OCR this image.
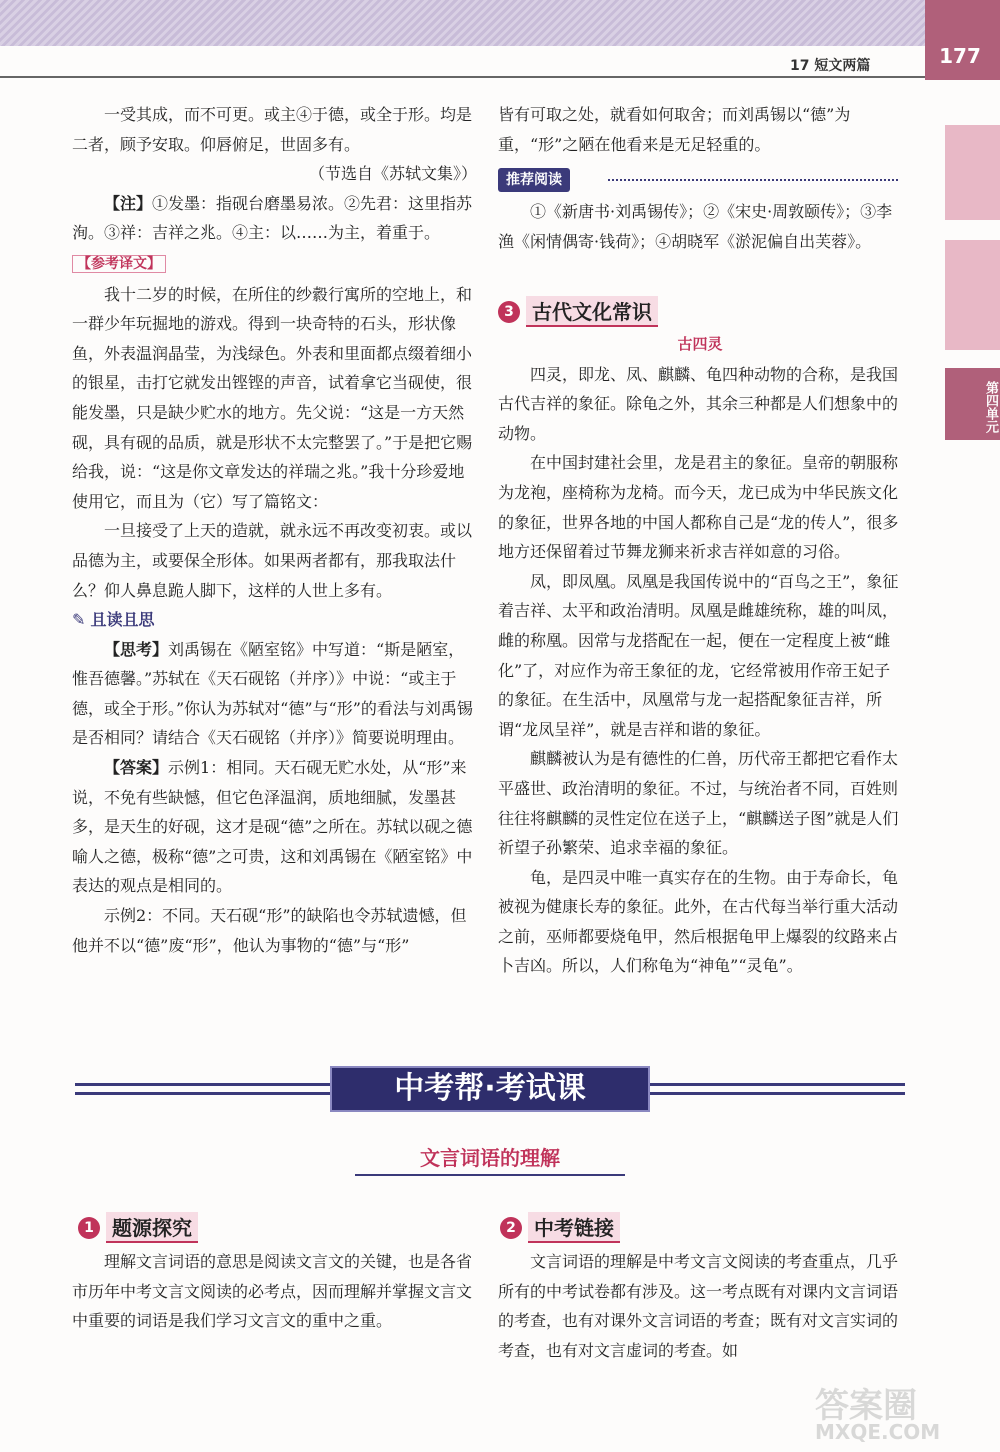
177
17 短文两篇
第四单元

一受其成，而不可更。或主④于德，或全于形。均是二者，顾予安取。仰唇俯足，世固多有。

（节选自《苏轼文集》）

【注】①发墨：指砚台磨墨易浓。②先君：这里指苏洵。③祥：吉祥之兆。④主：以……为主，着重于。

【参考译文】

我十二岁的时候，在所住的纱縠行寓所的空地上，和一群少年玩掘地的游戏。得到一块奇特的石头，形状像鱼，外表温润晶莹，为浅绿色。外表和里面都点缀着细小的银星，击打它就发出铿铿的声音，试着拿它当砚使，很能发墨，只是缺少贮水的地方。先父说：“这是一方天然砚，具有砚的品质，就是形状不太完整罢了。”于是把它赐给我，说：“这是你文章发达的祥瑞之兆。”我十分珍爱地使用它，而且为（它）写了篇铭文：

一旦接受了上天的造就，就永远不再改变初衷。或以品德为主，或要保全形体。如果两者都有，那我取法什么？仰人鼻息跪人脚下，这样的人世上多有。

✎ 且读且思

【思考】刘禹锡在《陋室铭》中写道：“斯是陋室，惟吾德馨。”苏轼在《天石砚铭（并序）》中说：“或主于德，或全于形。”你认为苏轼对“德”与“形”的看法与刘禹锡是否相同？请结合《天石砚铭（并序）》简要说明理由。

【答案】示例1：相同。天石砚无贮水处，从“形”来说，不免有些缺憾，但它色泽温润，质地细腻，发墨甚多，是天生的好砚，这才是砚“德”之所在。苏轼以砚之德喻人之德，极称“德”之可贵，这和刘禹锡在《陋室铭》中表达的观点是相同的。

示例2：不同。天石砚“形”的缺陷也令苏轼遗憾，但他并不以“德”废“形”，他认为事物的“德”与“形”

皆有可取之处，就看如何取舍；而刘禹锡以“德”为重，“形”之陋在他看来是无足轻重的。

推荐阅读

①《新唐书·刘禹锡传》；②《宋史·周敦颐传》；③李渔《闲情偶寄·钱荷》；④胡晓军《淤泥偏自出芙蓉》。

3 古代文化常识

古四灵

四灵，即龙、凤、麒麟、龟四种动物的合称，是我国古代吉祥的象征。除龟之外，其余三种都是人们想象中的动物。

在中国封建社会里，龙是君主的象征。皇帝的朝服称为龙袍，座椅称为龙椅。而今天，龙已成为中华民族文化的象征，世界各地的中国人都称自己是“龙的传人”，很多地方还保留着过节舞龙狮来祈求吉祥如意的习俗。

凤，即凤凰。凤凰是我国传说中的“百鸟之王”，象征着吉祥、太平和政治清明。凤凰是雌雄统称，雄的叫凤，雌的称凰。因常与龙搭配在一起，便在一定程度上被“雌化”了，对应作为帝王象征的龙，它经常被用作帝王妃子的象征。在生活中，凤凰常与龙一起搭配象征吉祥，所谓“龙凤呈祥”，就是吉祥和谐的象征。

麒麟被认为是有德性的仁兽，历代帝王都把它看作太平盛世、政治清明的象征。不过，与统治者不同，百姓则往往将麒麟的灵性定位在送子上，“麒麟送子图”就是人们祈望子孙繁荣、追求幸福的象征。

龟，是四灵中唯一真实存在的生物。由于寿命长，龟被视为健康长寿的象征。此外，在古代每当举行重大活动之前，巫师都要烧龟甲，然后根据龟甲上爆裂的纹路来占卜吉凶。所以，人们称龟为“神龟”“灵龟”。

中考帮·考试课
文言词语的理解
1 题源探究

理解文言词语的意思是阅读文言文的关键，也是各省市历年中考文言文阅读的必考点，因而理解并掌握文言文中重要的词语是我们学习文言文的重中之重。

2 中考链接

文言词语的理解是中考文言文阅读的考查重点，几乎所有的中考试卷都有涉及。这一考点既有对课内文言词语的考查，也有对课外文言词语的考查；既有对文言实词的考查，也有对文言虚词的考查。如

答案圈
MXQE.COM
